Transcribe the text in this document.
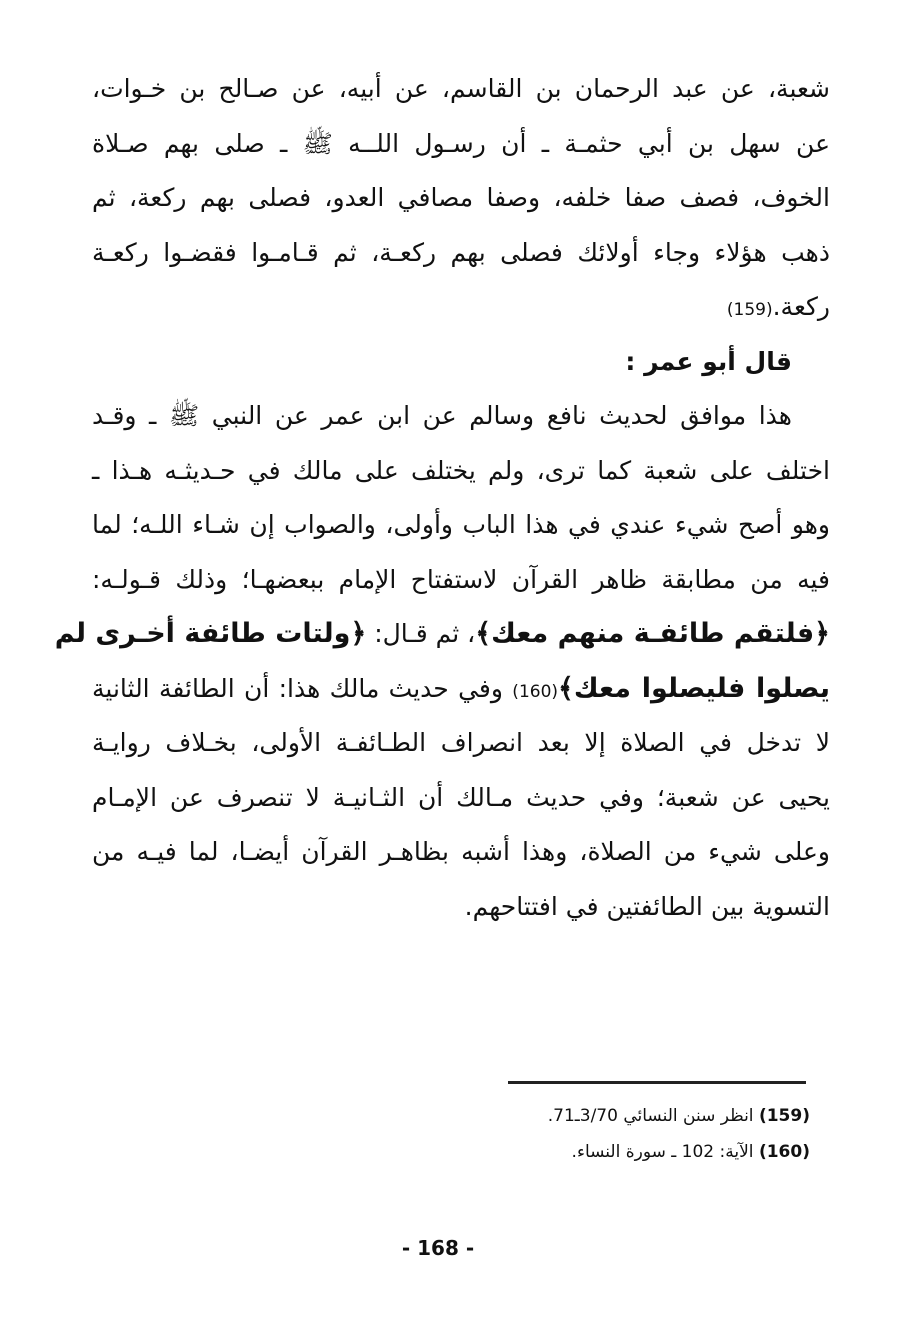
شعبة، عن عبد الرحمان بن القاسم، عن أبيه، عن صـالح بن خـوات،
عن سهل بن أبي حثمـة ـ أن رسـول اللــه ﷺ ـ صلى بهم صـلاة
الخوف، فصف صفا خلفه، وصفا مصافي العدو، فصلى بهم ركعة، ثم
ذهب هؤلاء وجاء أولائك فصلى بهم ركعـة، ثم قـامـوا فقضـوا ركعـة
ركعة.(159)
قال أبو عمر :
هذا موافق لحديث نافع وسالم عن ابن عمر عن النبي ﷺ ـ وقـد
اختلف على شعبة كما ترى، ولم يختلف على مالك في حـديثـه هـذا ـ
وهو أصح شيء عندي في هذا الباب وأولى، والصواب إن شـاء اللـه؛ لما
فيه من مطابقة ظاهر القرآن لاستفتاح الإمام ببعضهـا؛ وذلك قـولـه:
﴿فلتقم طائفـة منهم معك﴾، ثم قـال: ﴿ولتات طائفة أخـرى لم
يصلوا فليصلوا معك﴾(160) وفي حديث مالك هذا: أن الطائفة الثانية
لا تدخل في الصلاة إلا بعد انصراف الطـائفـة الأولى، بخـلاف روايـة
يحيى عن شعبة؛ وفي حديث مـالك أن الثـانيـة لا تنصرف عن الإمـام
وعلى شيء من الصلاة، وهذا أشبه بظاهـر القرآن أيضـا، لما فيـه من
التسوية بين الطائفتين في افتتاحهم.
(159) انظر سنن النسائي 3/70ـ71.
(160) الآية: 102 ـ سورة النساء.
- 168 -
